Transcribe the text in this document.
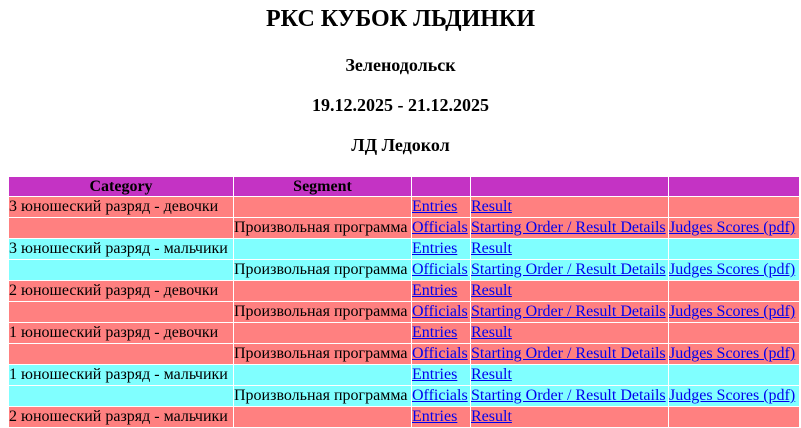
РКС КУБОК ЛЬДИНКИ
Зеленодольск
19.12.2025 - 21.12.2025
ЛД Ледокол
Category	Segment			
3 юношеский разряд - девочки		Entries	Result	
	Произвольная программа	Officials	Starting Order / Result Details	Judges Scores (pdf)
3 юношеский разряд - мальчики		Entries	Result	
	Произвольная программа	Officials	Starting Order / Result Details	Judges Scores (pdf)
2 юношеский разряд - девочки		Entries	Result	
	Произвольная программа	Officials	Starting Order / Result Details	Judges Scores (pdf)
1 юношеский разряд - девочки		Entries	Result	
	Произвольная программа	Officials	Starting Order / Result Details	Judges Scores (pdf)
1 юношеский разряд - мальчики		Entries	Result	
	Произвольная программа	Officials	Starting Order / Result Details	Judges Scores (pdf)
2 юношеский разряд - мальчики		Entries	Result	
